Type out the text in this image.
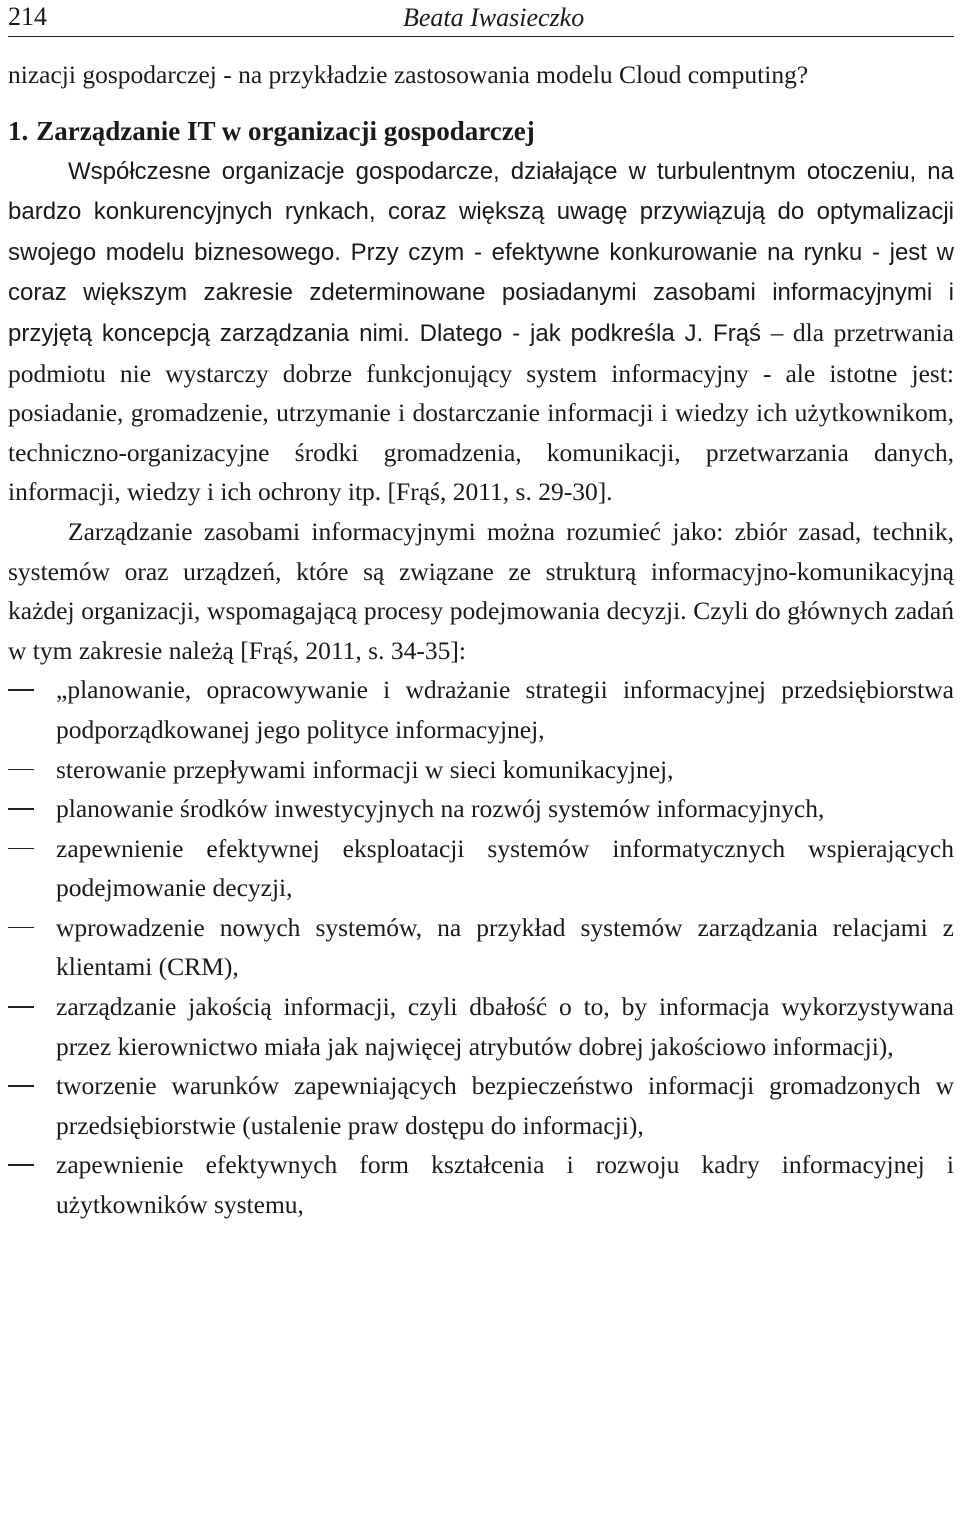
214	Beata Iwasieczko

nizacji gospodarczej - na przykładzie zastosowania modelu Cloud computing?

1. Zarządzanie IT w organizacji gospodarczej

Współczesne organizacje gospodarcze, działające w turbulentnym otoczeniu, na bardzo konkurencyjnych rynkach, coraz większą uwagę przywiązują do optymalizacji swojego modelu biznesowego. Przy czym - efektywne konkurowanie na rynku - jest w coraz większym zakresie zdeterminowane posiadanymi zasobami informacyjnymi i przyjętą koncepcją zarządzania nimi. Dlatego - jak podkreśla J. Frąś – dla przetrwania podmiotu nie wystarczy dobrze funkcjonujący system informacyjny - ale istotne jest: posiadanie, gromadzenie, utrzymanie i dostarczanie informacji i wiedzy ich użytkownikom, techniczno-organizacyjne środki gromadzenia, komunikacji, przetwarzania danych, informacji, wiedzy i ich ochrony itp. [Frąś, 2011, s. 29-30].

Zarządzanie zasobami informacyjnymi można rozumieć jako: zbiór zasad, technik, systemów oraz urządzeń, które są związane ze strukturą informacyjno-komunikacyjną każdej organizacji, wspomagającą procesy podejmowania decyzji. Czyli do głównych zadań w tym zakresie należą [Frąś, 2011, s. 34-35]:

„planowanie, opracowywanie i wdrażanie strategii informacyjnej przedsiębiorstwa podporządkowanej jego polityce informacyjnej,
sterowanie przepływami informacji w sieci komunikacyjnej,
planowanie środków inwestycyjnych na rozwój systemów informacyjnych,
zapewnienie efektywnej eksploatacji systemów informatycznych wspierających podejmowanie decyzji,
wprowadzenie nowych systemów, na przykład systemów zarządzania relacjami z klientami (CRM),
zarządzanie jakością informacji, czyli dbałość o to, by informacja wykorzystywana przez kierownictwo miała jak najwięcej atrybutów dobrej jakościowo informacji),
tworzenie warunków zapewniających bezpieczeństwo informacji gromadzonych w przedsiębiorstwie (ustalenie praw dostępu do informacji),
zapewnienie efektywnych form kształcenia i rozwoju kadry informacyjnej i użytkowników systemu,
